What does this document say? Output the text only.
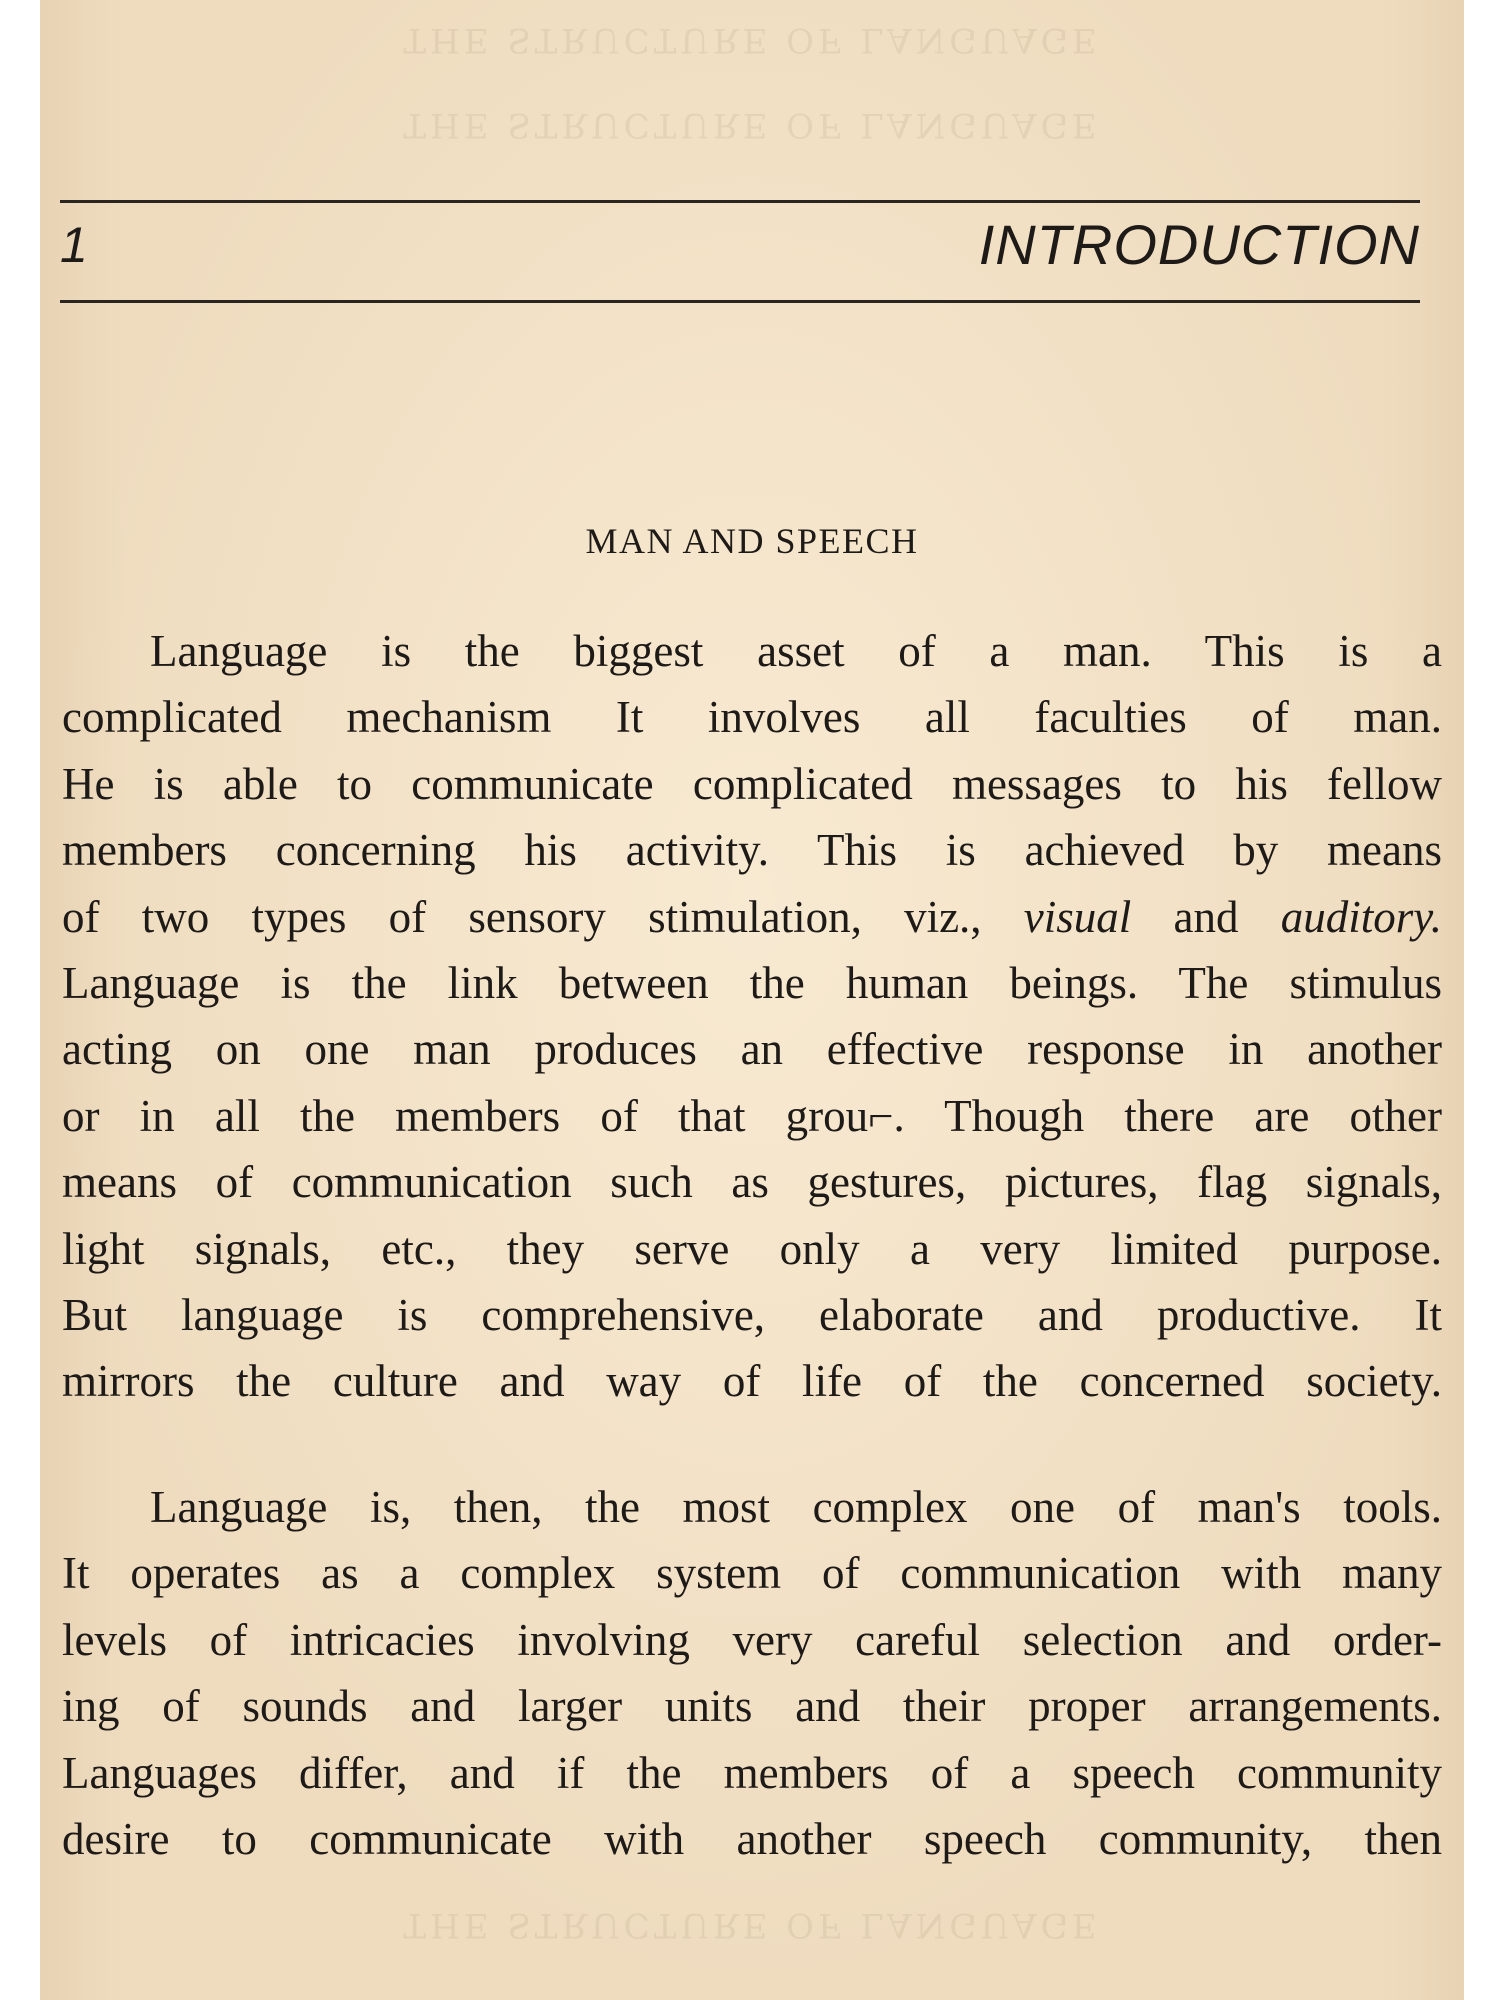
THE STRUCTURE OF LANGUAGE
THE STRUCTURE OF LANGUAGE
THE STRUCTURE OF LANGUAGE
1	INTRODUCTION
MAN AND SPEECH
Language is the biggest asset of a man. This is a
complicated mechanism It involves all faculties of man.
He is able to communicate complicated messages to his fellow
members concerning his activity. This is achieved by means
of two types of sensory stimulation, viz., visual and auditory.
Language is the link between the human beings. The stimulus
acting on one man produces an effective response in another
or in all the members of that grou⌐. Though there are other
means of communication such as gestures, pictures, flag signals,
light signals, etc., they serve only a very limited purpose.
But language is comprehensive, elaborate and productive. It
mirrors the culture and way of life of the concerned society.
Language is, then, the most complex one of man's tools.
It operates as a complex system of communication with many
levels of intricacies involving very careful selection and order-
ing of sounds and larger units and their proper arrangements.
Languages differ, and if the members of a speech community
desire to communicate with another speech community, then
